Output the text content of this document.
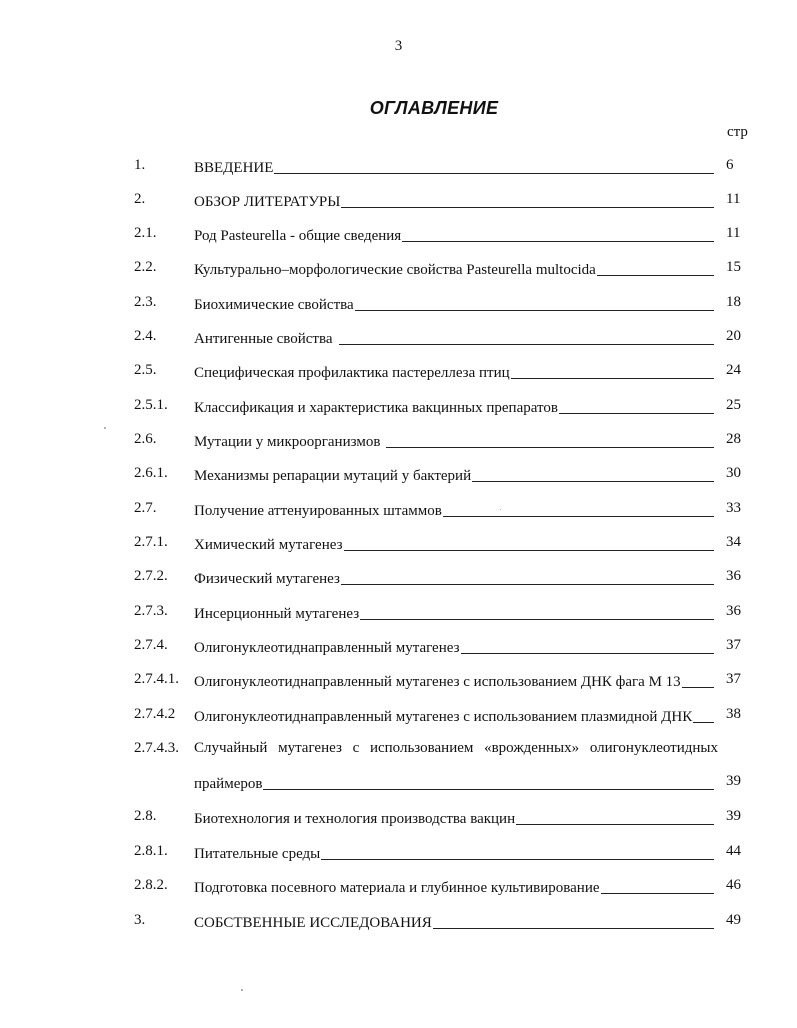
3
ОГЛАВЛЕНИЕ
стр
1.	ВВЕДЕНИЕ	6
2.	ОБЗОР ЛИТЕРАТУРЫ	11
2.1.	Род Pasteurella - общие сведения	11
2.2.	Культурально–морфологические свойства Pasteurella multocida	15
2.3.	Биохимические свойства	18
2.4.	Антигенные свойства	20
2.5.	Специфическая профилактика пастереллеза птиц	24
2.5.1. Классификация и характеристика вакцинных препаратов	25
2.6.	Мутации у микроорганизмов	28
2.6.1. Механизмы репарации мутаций у бактерий	30
2.7.	Получение аттенуированных штаммов	33
2.7.1. Химический мутагенез	34
2.7.2. Физический мутагенез	36
2.7.3. Инсерционный мутагенез	36
2.7.4. Олигонуклеотиднаправленный мутагенез	37
2.7.4.1. Олигонуклеотиднаправленный мутагенез с использованием ДНК фага М 13	37
2.7.4.2 Олигонуклеотиднаправленный мутагенез с использованием плазмидной ДНК 38
2.7.4.3. Случайный мутагенез с использованием «врожденных» олигонуклеотидных
праймеров	39
2.8.	Биотехнология и технология производства вакцин	39
2.8.1. Питательные среды	44
2.8.2. Подготовка посевного материала и глубинное культивирование	46
3.	СОБСТВЕННЫЕ ИССЛЕДОВАНИЯ	49
